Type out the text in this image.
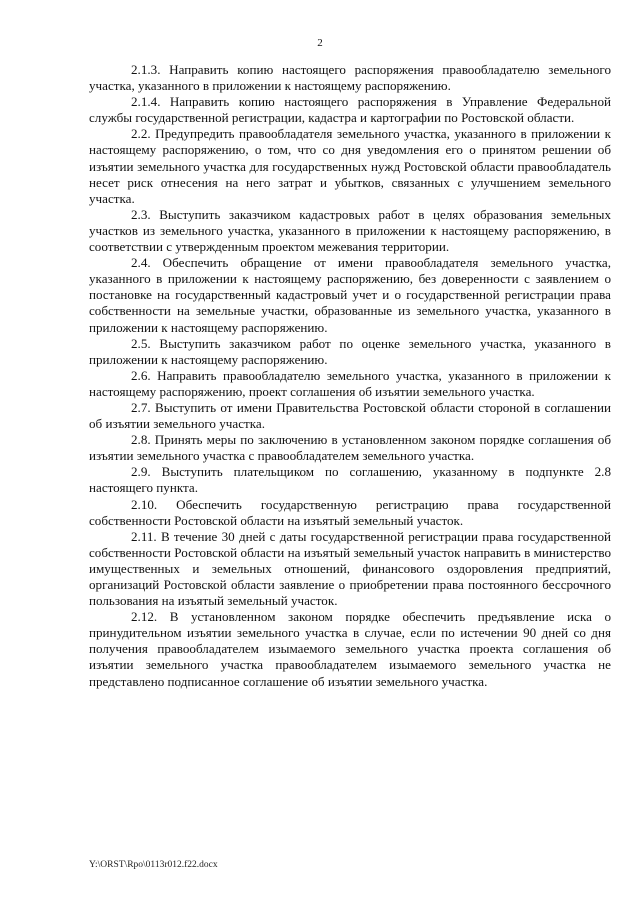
2

2.1.3. Направить копию настоящего распоряжения правообладателю земельного участка, указанного в приложении к настоящему распоряжению.

2.1.4. Направить копию настоящего распоряжения в Управление Федеральной службы государственной регистрации, кадастра и картографии по Ростовской области.

2.2. Предупредить правообладателя земельного участка, указанного в приложении к настоящему распоряжению, о том, что со дня уведомления его о принятом решении об изъятии земельного участка для государственных нужд Ростовской области правообладатель несет риск отнесения на него затрат и убытков, связанных с улучшением земельного участка.

2.3. Выступить заказчиком кадастровых работ в целях образования земельных участков из земельного участка, указанного в приложении к настоящему распоряжению, в соответствии с утвержденным проектом межевания территории.

2.4. Обеспечить обращение от имени правообладателя земельного участка, указанного в приложении к настоящему распоряжению, без доверенности с заявлением о постановке на государственный кадастровый учет и о государственной регистрации права собственности на земельные участки, образованные из земельного участка, указанного в приложении к настоящему распоряжению.

2.5. Выступить заказчиком работ по оценке земельного участка, указанного в приложении к настоящему распоряжению.

2.6. Направить правообладателю земельного участка, указанного в приложении к настоящему распоряжению, проект соглашения об изъятии земельного участка.

2.7. Выступить от имени Правительства Ростовской области стороной в соглашении об изъятии земельного участка.

2.8. Принять меры по заключению в установленном законом порядке соглашения об изъятии земельного участка с правообладателем земельного участка.

2.9. Выступить плательщиком по соглашению, указанному в подпункте 2.8 настоящего пункта.

2.10. Обеспечить государственную регистрацию права государственной собственности Ростовской области на изъятый земельный участок.

2.11. В течение 30 дней с даты государственной регистрации права государственной собственности Ростовской области на изъятый земельный участок направить в министерство имущественных и земельных отношений, финансового оздоровления предприятий, организаций Ростовской области заявление о приобретении права постоянного бессрочного пользования на изъятый земельный участок.

2.12. В установленном законом порядке обеспечить предъявление иска о принудительном изъятии земельного участка в случае, если по истечении 90 дней со дня получения правообладателем изымаемого земельного участка проекта соглашения об изъятии земельного участка правообладателем изымаемого земельного участка не представлено подписанное соглашение об изъятии земельного участка.

Y:\ORST\Rpo\0113r012.f22.docx
